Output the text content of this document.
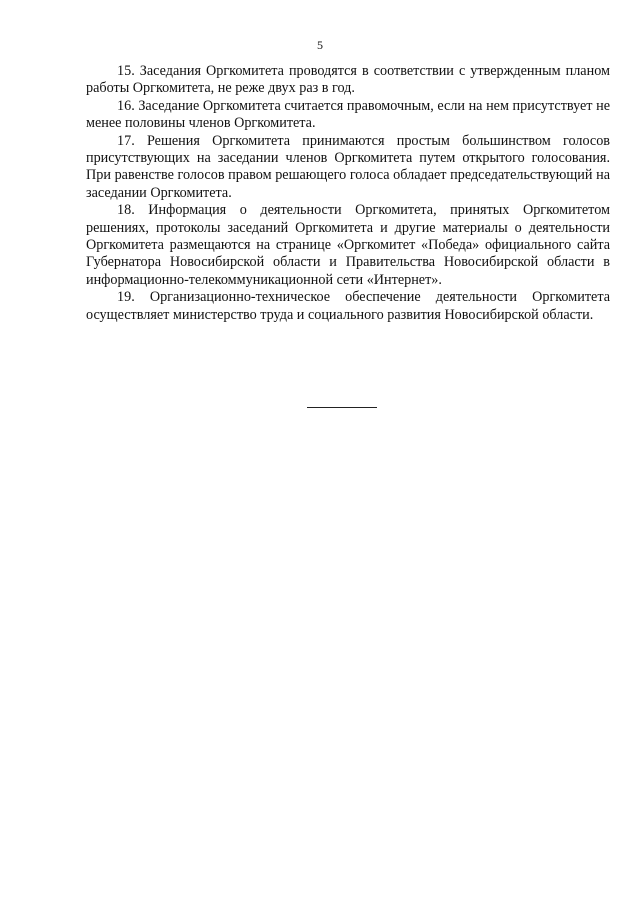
5

15. Заседания Оргкомитета проводятся в соответствии с утвержденным планом работы Оргкомитета, не реже двух раз в год.

16. Заседание Оргкомитета считается правомочным, если на нем присутствует не менее половины членов Оргкомитета.

17. Решения Оргкомитета принимаются простым большинством голосов присутствующих на заседании членов Оргкомитета путем открытого голосования. При равенстве голосов правом решающего голоса обладает председательствующий на заседании Оргкомитета.

18. Информация о деятельности Оргкомитета, принятых Оргкомитетом решениях, протоколы заседаний Оргкомитета и другие материалы о деятельности Оргкомитета размещаются на странице «Оргкомитет «Победа» официального сайта Губернатора Новосибирской области и Правительства Новосибирской области в информационно-телекоммуникационной сети «Интернет».

19. Организационно-техническое обеспечение деятельности Оргкомитета осуществляет министерство труда и социального развития Новосибирской области.
